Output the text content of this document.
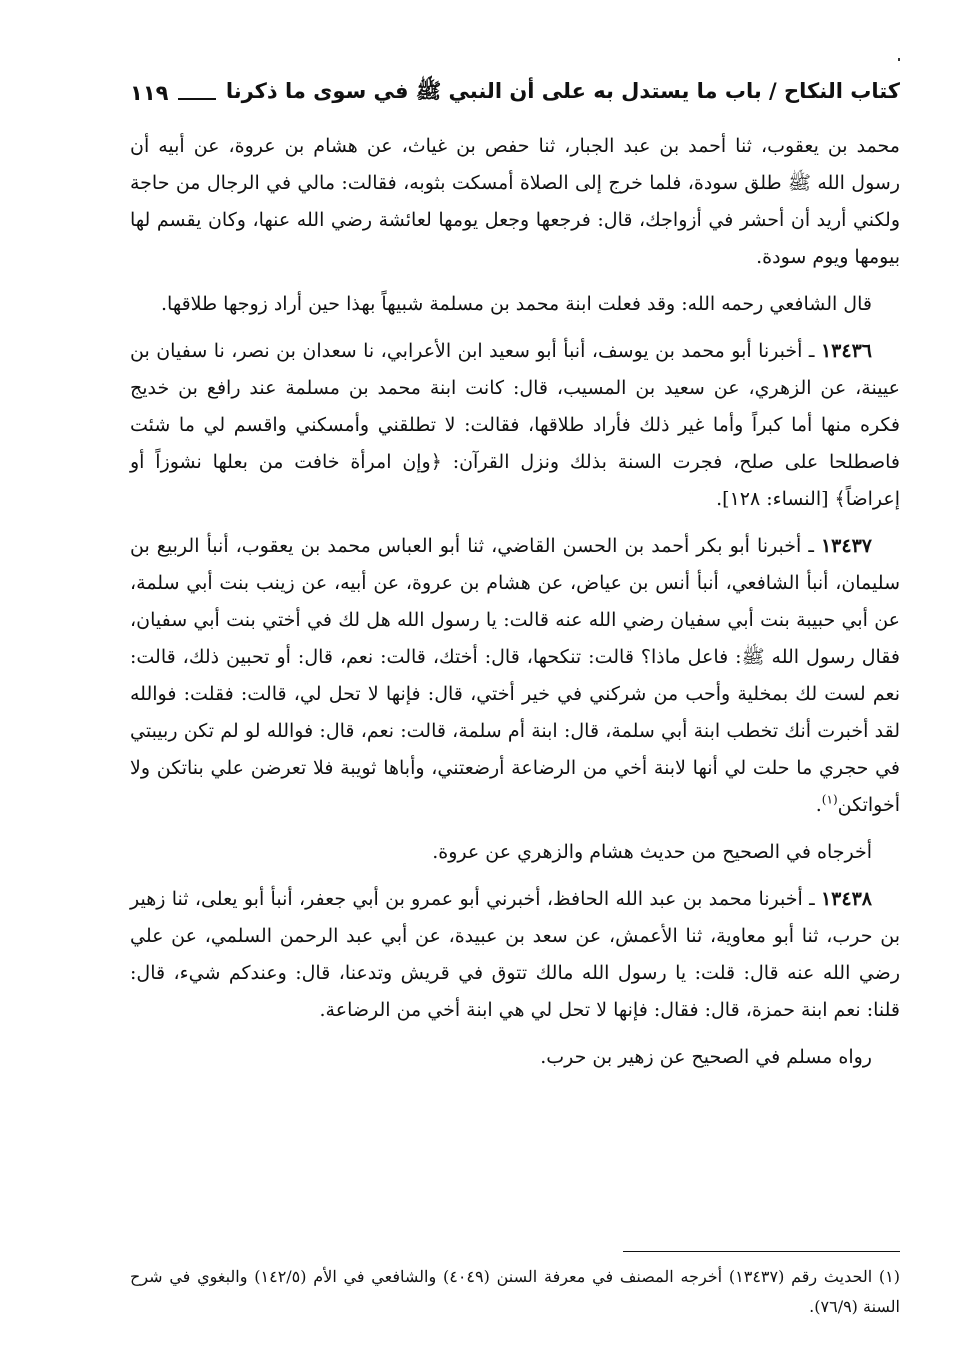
كتاب النكاح / باب ما يستدل به على أن النبي ﷺ في سوى ما ذكرنا
١١٩

محمد بن يعقوب، ثنا أحمد بن عبد الجبار، ثنا حفص بن غياث، عن هشام بن عروة، عن أبيه أن رسول الله ﷺ طلق سودة، فلما خرج إلى الصلاة أمسكت بثوبه، فقالت: مالي في الرجال من حاجة ولكني أريد أن أحشر في أزواجك، قال: فرجعها وجعل يومها لعائشة رضي الله عنها، وكان يقسم لها بيومها ويوم سودة.

قال الشافعي رحمه الله: وقد فعلت ابنة محمد بن مسلمة شبيهاً بهذا حين أراد زوجها طلاقها.

١٣٤٣٦ ـ أخبرنا أبو محمد بن يوسف، أنبأ أبو سعيد ابن الأعرابي، نا سعدان بن نصر، نا سفيان بن عيينة، عن الزهري، عن سعيد بن المسيب، قال: كانت ابنة محمد بن مسلمة عند رافع بن خديج فكره منها أما كبراً وأما غير ذلك فأراد طلاقها، فقالت: لا تطلقني وأمسكني واقسم لي ما شئت فاصطلحا على صلح، فجرت السنة بذلك ونزل القرآن: ﴿وإن امرأة خافت من بعلها نشوزاً أو إعراضاً﴾ [النساء: ١٢٨].

١٣٤٣٧ ـ أخبرنا أبو بكر أحمد بن الحسن القاضي، ثنا أبو العباس محمد بن يعقوب، أنبأ الربيع بن سليمان، أنبأ الشافعي، أنبأ أنس بن عياض، عن هشام بن عروة، عن أبيه، عن زينب بنت أبي سلمة، عن أبي حبيبة بنت أبي سفيان رضي الله عنه قالت: يا رسول الله هل لك في أختي بنت أبي سفيان، فقال رسول الله ﷺ: فاعل ماذا؟ قالت: تنكحها، قال: أختك، قالت: نعم، قال: أو تحبين ذلك، قالت: نعم لست لك بمخلية وأحب من شركني في خير أختي، قال: فإنها لا تحل لي، قالت: فقلت: فوالله لقد أخبرت أنك تخطب ابنة أبي سلمة، قال: ابنة أم سلمة، قالت: نعم، قال: فوالله لو لم تكن ربيبتي في حجري ما حلت لي أنها لابنة أخي من الرضاعة أرضعتني، وأباها ثويبة فلا تعرضن علي بناتكن ولا أخواتكن$^{(١)}$.

أخرجاه في الصحيح من حديث هشام والزهري عن عروة.

١٣٤٣٨ ـ أخبرنا محمد بن عبد الله الحافظ، أخبرني أبو عمرو بن أبي جعفر، أنبأ أبو يعلى، ثنا زهير بن حرب، ثنا أبو معاوية، ثنا الأعمش، عن سعد بن عبيدة، عن أبي عبد الرحمن السلمي، عن علي رضي الله عنه قال: قلت: يا رسول الله مالك تتوق في قريش وتدعنا، قال: وعندكم شيء، قال: قلنا: نعم ابنة حمزة، قال: فقال: فإنها لا تحل لي هي ابنة أخي من الرضاعة.

رواه مسلم في الصحيح عن زهير بن حرب.

(١) الحديث رقم (١٣٤٣٧) أخرجه المصنف في معرفة السنن (٤٠٤٩) والشافعي في الأم (١٤٢/٥) والبغوي في شرح السنة (٧٦/٩).
